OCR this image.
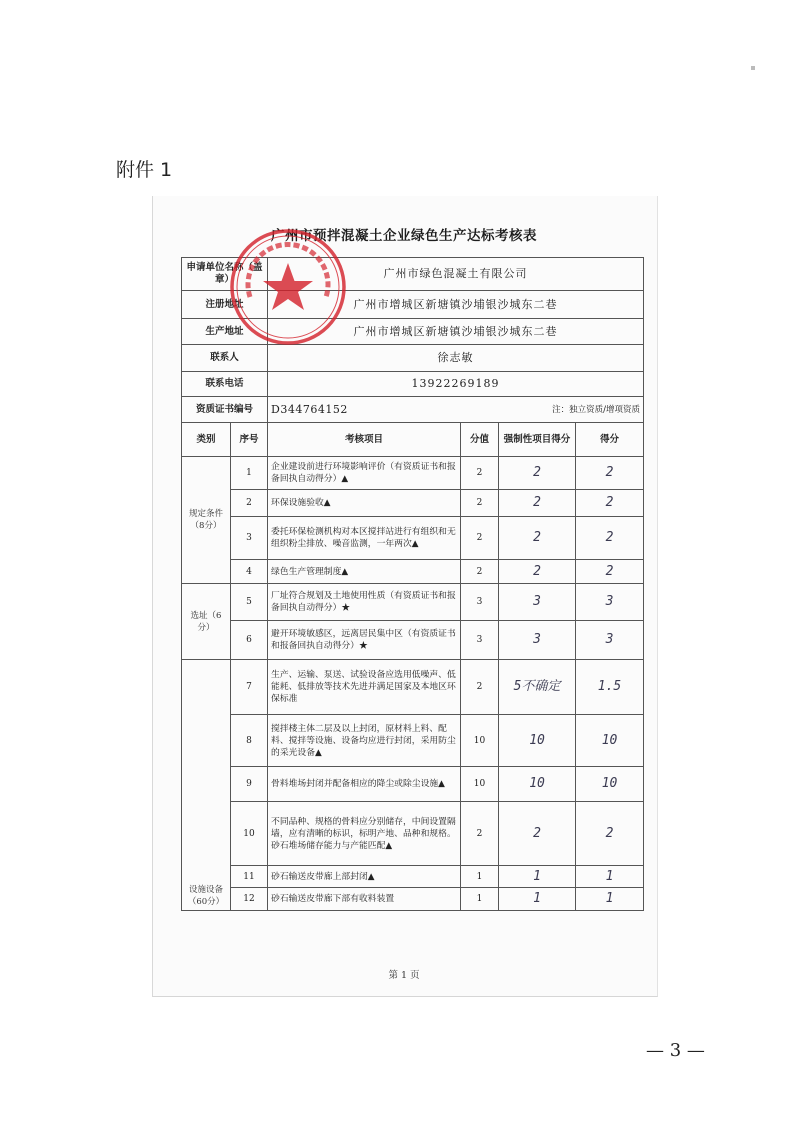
附件 1
广州市预拌混凝土企业绿色生产达标考核表
申请单位名称（盖章）		广州市绿色混凝土有限公司			
注册地址		广州市增城区新塘镇沙埔银沙城东二巷			
生产地址		广州市增城区新塘镇沙埔银沙城东二巷			
联系人		徐志敏			
联系电话		13922269189			
资质证书编号		D344764152 注：独立资质/增项资质			

类别	序号	考核项目	分值	强制性项目得分	得分
规定条件（8分）	1	企业建设前进行环境影响评价（有资质证书和报备回执自动得分）▲	2	2	2
	2	环保设施验收▲	2	2	2
	3	委托环保检测机构对本区搅拌站进行有组织和无组织粉尘排放、噪音监测，一年两次▲	2	2	2
	4	绿色生产管理制度▲	2	2	2
选址（6分）	5	厂址符合规划及土地使用性质（有资质证书和报备回执自动得分）★	3	3	3
	6	避开环境敏感区，远离居民集中区（有资质证书和报备回执自动得分）★	3	3	3
设施设备（60分）	7	生产、运输、泵送、试验设备应选用低噪声、低能耗、低排放等技术先进并满足国家及本地区环保标准	2	5不确定	1.5
	8	搅拌楼主体二层及以上封闭，原材料上料、配料、搅拌等设施、设备均应进行封闭，采用防尘的采光设备▲	10	10	10
	9	骨料堆场封闭并配备相应的降尘或除尘设施▲	10	10	10
	10	不同品种、规格的骨料应分别储存，中间设置隔墙，应有清晰的标识，标明产地、品种和规格。砂石堆场储存能力与产能匹配▲	2	2	2
	11	砂石输送皮带廊上部封闭▲	1	1	1
	12	砂石输送皮带廊下部有收料装置	1	1	1
第 1 页
— 3 —
